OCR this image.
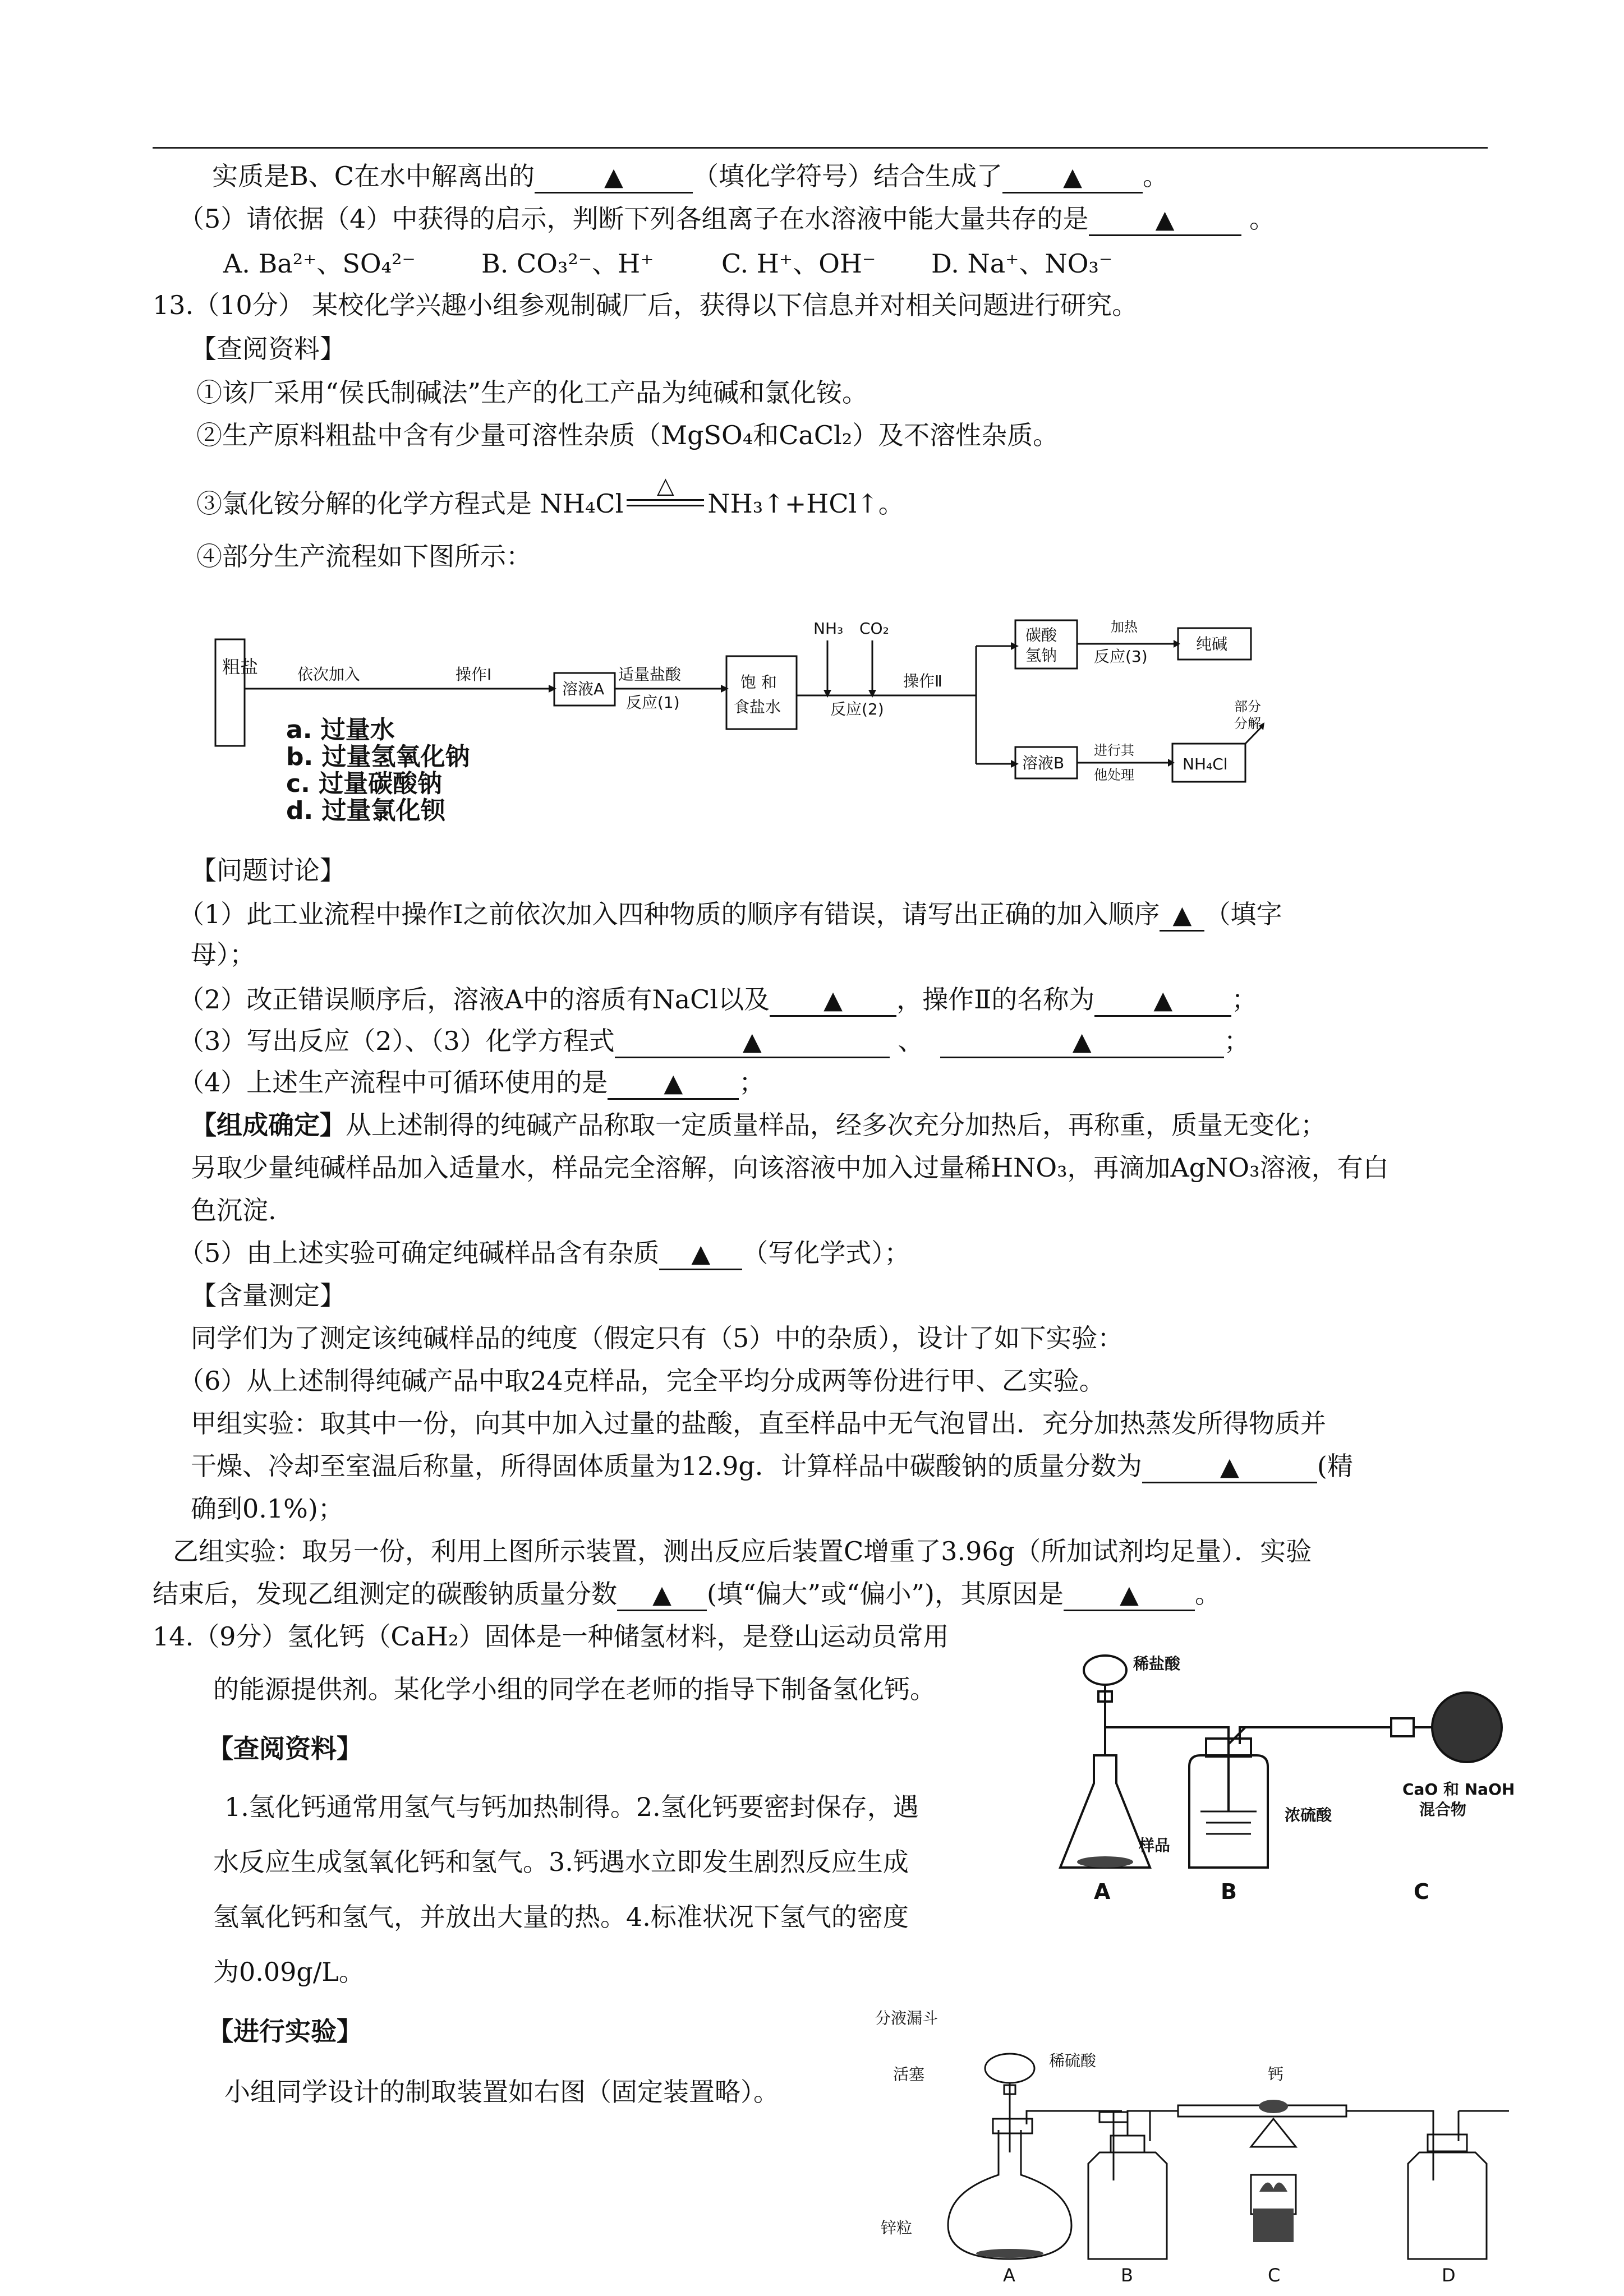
实质是B、C在水中解离出的	▲	（填化学符号）结合生成了 ▲ 。
（5）请依据（4）中获得的启示，判断下列各组离子在水溶液中能大量共存的是	▲	。
A. Ba²⁺、SO₄²⁻	B. CO₃²⁻、H⁺	C. H⁺、OH⁻ D. Na⁺、NO₃⁻
13.（10分） 某校化学兴趣小组参观制碱厂后，获得以下信息并对相关问题进行研究。
【查阅资料】
①该厂采用“侯氏制碱法”生产的化工产品为纯碱和氯化铵。
②生产原料粗盐中含有少量可溶性杂质（MgSO₄和CaCl₂）及不溶性杂质。
③氯化铵分解的化学方程式是 NH₄Cl
△
NH₃↑+HCl↑。
④部分生产流程如下图所示：
粗盐 依次加入	操作Ⅰ
溶液A
适量盐酸
反应(1)
饱 和
食盐水
NH₃ CO₂
反应(2)
操作Ⅱ
碳酸
氢钠
加热
反应(3)
纯碱
溶液B
进行其
他处理
NH₄Cl
部分
分解
a. 过量水
b. 过量氢氧化钠
c. 过量碳酸钠
d. 过量氯化钡
【问题讨论】
（1）此工业流程中操作Ⅰ之前依次加入四种物质的顺序有错误，请写出正确的加入顺序 ▲ （填字
母）；
（2）改正错误顺序后，溶液A中的溶质有NaCl以及 ▲ ，操作Ⅱ的名称为 ▲ ；
（3）写出反应（2）、（3）化学方程式	▲	、	▲	；
（4）上述生产流程中可循环使用的是 ▲ ；
【组成确定】从上述制得的纯碱产品称取一定质量样品，经多次充分加热后，再称重，质量无变化；
另取少量纯碱样品加入适量水，样品完全溶解，向该溶液中加入过量稀HNO₃，再滴加AgNO₃溶液，有白
色沉淀.
（5）由上述实验可确定纯碱样品含有杂质 ▲ （写化学式）；
【含量测定】
同学们为了测定该纯碱样品的纯度（假定只有（5）中的杂质），设计了如下实验：
（6）从上述制得纯碱产品中取24克样品，完全平均分成两等份进行甲、乙实验。
甲组实验：取其中一份，向其中加入过量的盐酸，直至样品中无气泡冒出．充分加热蒸发所得物质并
干燥、冷却至室温后称量，所得固体质量为12.9g．计算样品中碳酸钠的质量分数为	▲	(精
确到0.1%)；
乙组实验：取另一份，利用上图所示装置，测出反应后装置C增重了3.96g（所加试剂均足量）．实验
结束后，发现乙组测定的碳酸钠质量分数 ▲ (填“偏大”或“偏小”)，其原因是 ▲ 。
14.（9分）氢化钙（CaH₂）固体是一种储氢材料，是登山运动员常用
的能源提供剂。某化学小组的同学在老师的指导下制备氢化钙。
【查阅资料】
1.氢化钙通常用氢气与钙加热制得。2.氢化钙要密封保存，遇
水反应生成氢氧化钙和氢气。3.钙遇水立即发生剧烈反应生成
氢氧化钙和氢气，并放出大量的热。4.标准状况下氢气的密度
为0.09g/L。
【进行实验】
小组同学设计的制取装置如右图（固定装置略）。
稀盐酸
样品
浓硫酸
CaO 和 NaOH
混合物
A	B	C
分液漏斗
稀硫酸
活塞	钙
锌粒
A	B	C	D
